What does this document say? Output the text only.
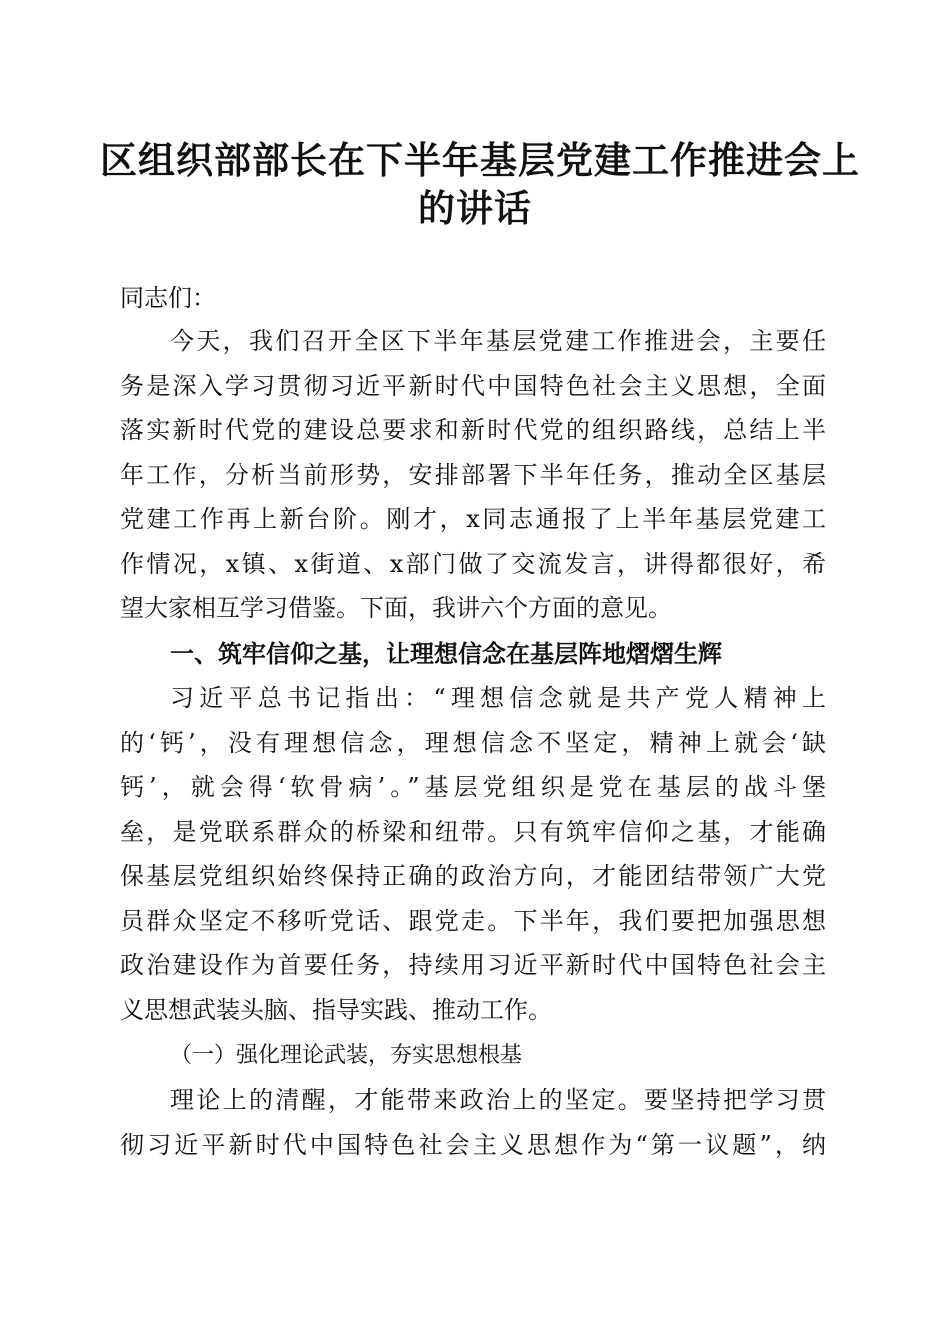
区组织部部长在下半年基层党建工作推进会上
的讲话
同志们：
今天，我们召开全区下半年基层党建工作推进会，主要任
务是深入学习贯彻习近平新时代中国特色社会主义思想，全面
落实新时代党的建设总要求和新时代党的组织路线，总结上半
年工作，分析当前形势，安排部署下半年任务，推动全区基层
党建工作再上新台阶。刚才，x同志通报了上半年基层党建工
作情况，x镇、x街道、x部门做了交流发言，讲得都很好，希
望大家相互学习借鉴。下面，我讲六个方面的意见。
一、筑牢信仰之基，让理想信念在基层阵地熠熠生辉
习近平总书记指出：“理想信念就是共产党人精神上
的‘钙’，没有理想信念，理想信念不坚定，精神上就会‘缺
钙’，就会得‘软骨病’。”基层党组织是党在基层的战斗堡
垒，是党联系群众的桥梁和纽带。只有筑牢信仰之基，才能确
保基层党组织始终保持正确的政治方向，才能团结带领广大党
员群众坚定不移听党话、跟党走。下半年，我们要把加强思想
政治建设作为首要任务，持续用习近平新时代中国特色社会主
义思想武装头脑、指导实践、推动工作。
（一）强化理论武装，夯实思想根基
理论上的清醒，才能带来政治上的坚定。要坚持把学习贯
彻习近平新时代中国特色社会主义思想作为“第一议题”，纳
